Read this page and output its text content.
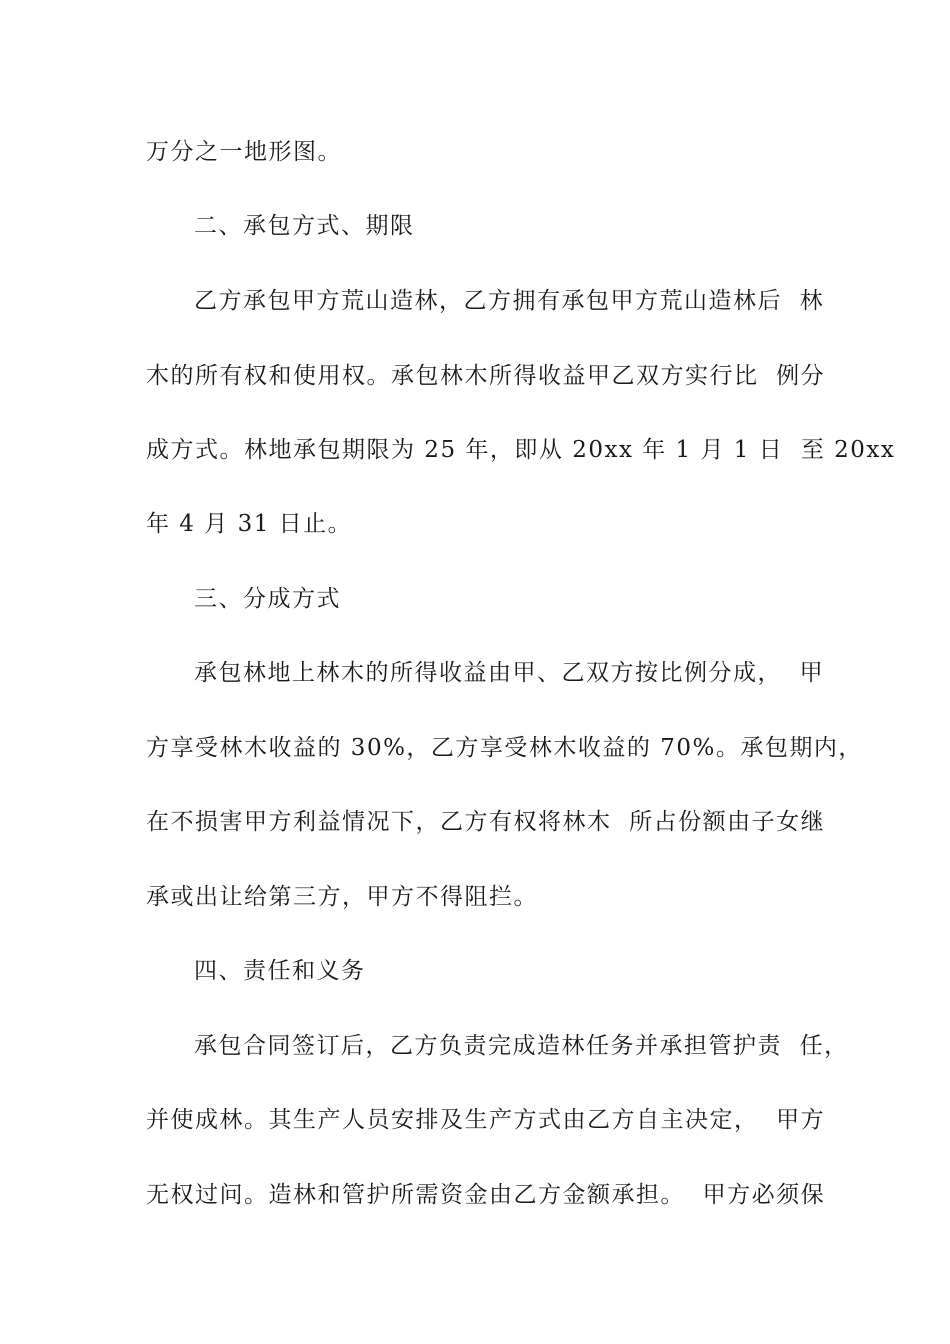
万分之一地形图。
二、承包方式、期限
乙方承包甲方荒山造林，乙方拥有承包甲方荒山造林后  林
木的所有权和使用权。承包林木所得收益甲乙双方实行比  例分
成方式。林地承包期限为 25 年，即从 20xx 年 1 月 1 日  至 20xx
年 4 月 31 日止。
三、分成方式
承包林地上林木的所得收益由甲、乙双方按比例分成，  甲
方享受林木收益的 30%，乙方享受林木收益的 70%。承包期内，
在不损害甲方利益情况下，乙方有权将林木  所占份额由子女继
承或出让给第三方，甲方不得阻拦。
四、责任和义务
承包合同签订后，乙方负责完成造林任务并承担管护责  任，
并使成林。其生产人员安排及生产方式由乙方自主决定，  甲方
无权过问。造林和管护所需资金由乙方金额承担。  甲方必须保
